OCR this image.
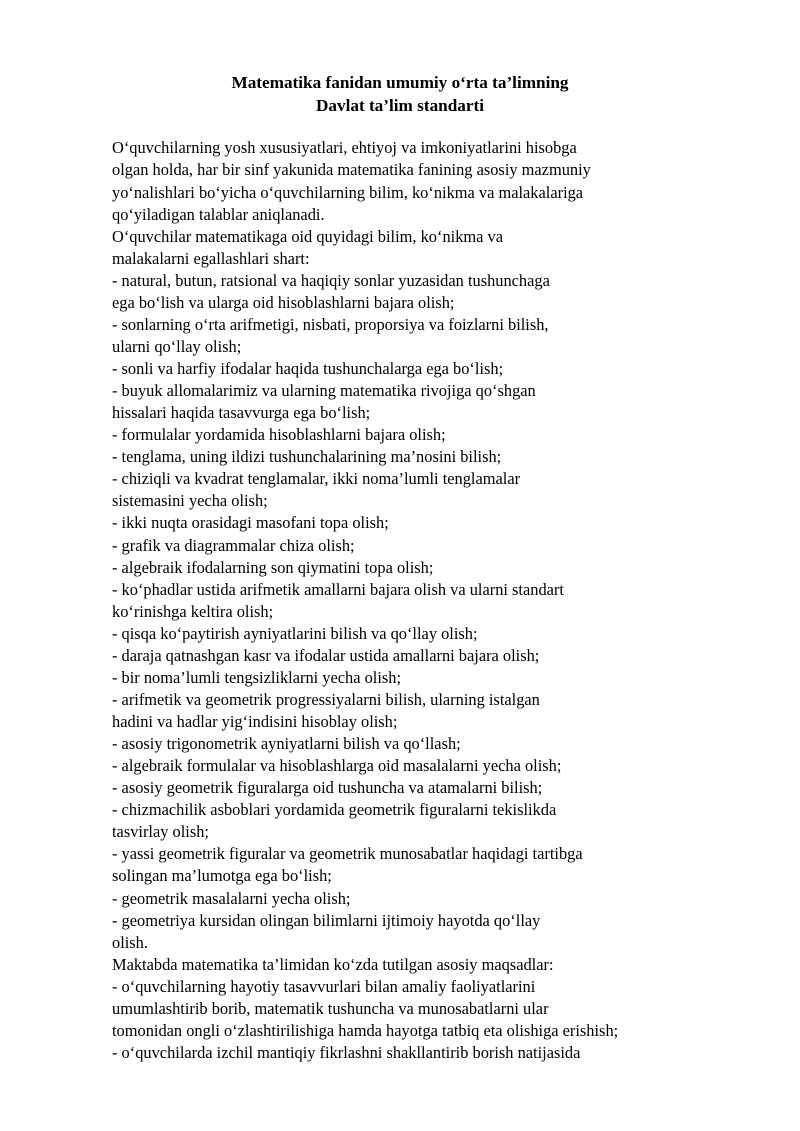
Matematika fanidan umumiy o‘rta ta’limning
Davlat ta’lim standarti

O‘quvchilarning yosh xususiyatlari, ehtiyoj va imkoniyatlarini hisobga

olgan holda, har bir sinf yakunida matematika fanining asosiy mazmuniy

yo‘nalishlari bo‘yicha o‘quvchilarning bilim, ko‘nikma va malakalariga

qo‘yiladigan talablar aniqlanadi.

O‘quvchilar matematikaga oid quyidagi bilim, ko‘nikma va

malakalarni egallashlari shart:

- natural, butun, ratsional va haqiqiy sonlar yuzasidan tushunchaga

ega bo‘lish va ularga oid hisoblashlarni bajara olish;

- sonlarning o‘rta arifmetigi, nisbati, proporsiya va foizlarni bilish,

ularni qo‘llay olish;

- sonli va harfiy ifodalar haqida tushunchalarga ega bo‘lish;

- buyuk allomalarimiz va ularning matematika rivojiga qo‘shgan

hissalari haqida tasavvurga ega bo‘lish;

- formulalar yordamida hisoblashlarni bajara olish;

- tenglama, uning ildizi tushunchalarining ma’nosini bilish;

- chiziqli va kvadrat tenglamalar, ikki noma’lumli tenglamalar

sistemasini yecha olish;

- ikki nuqta orasidagi masofani topa olish;

- grafik va diagrammalar chiza olish;

- algebraik ifodalarning son qiymatini topa olish;

- ko‘phadlar ustida arifmetik amallarni bajara olish va ularni standart

ko‘rinishga keltira olish;

- qisqa ko‘paytirish ayniyatlarini bilish va qo‘llay olish;

- daraja qatnashgan kasr va ifodalar ustida amallarni bajara olish;

- bir noma’lumli tengsizliklarni yecha olish;

- arifmetik va geometrik progressiyalarni bilish, ularning istalgan

hadini va hadlar yig‘indisini hisoblay olish;

- asosiy trigonometrik ayniyatlarni bilish va qo‘llash;

- algebraik formulalar va hisoblashlarga oid masalalarni yecha olish;

- asosiy geometrik figuralarga oid tushuncha va atamalarni bilish;

- chizmachilik asboblari yordamida geometrik figuralarni tekislikda

tasvirlay olish;

- yassi geometrik figuralar va geometrik munosabatlar haqidagi tartibga

solingan ma’lumotga ega bo‘lish;

- geometrik masalalarni yecha olish;

- geometriya kursidan olingan bilimlarni ijtimoiy hayotda qo‘llay

olish.

Maktabda matematika ta’limidan ko‘zda tutilgan asosiy maqsadlar:

- o‘quvchilarning hayotiy tasavvurlari bilan amaliy faoliyatlarini

umumlashtirib borib, matematik tushuncha va munosabatlarni ular

tomonidan ongli o‘zlashtirilishiga hamda hayotga tatbiq eta olishiga erishish;

- o‘quvchilarda izchil mantiqiy fikrlashni shakllantirib borish natijasida
